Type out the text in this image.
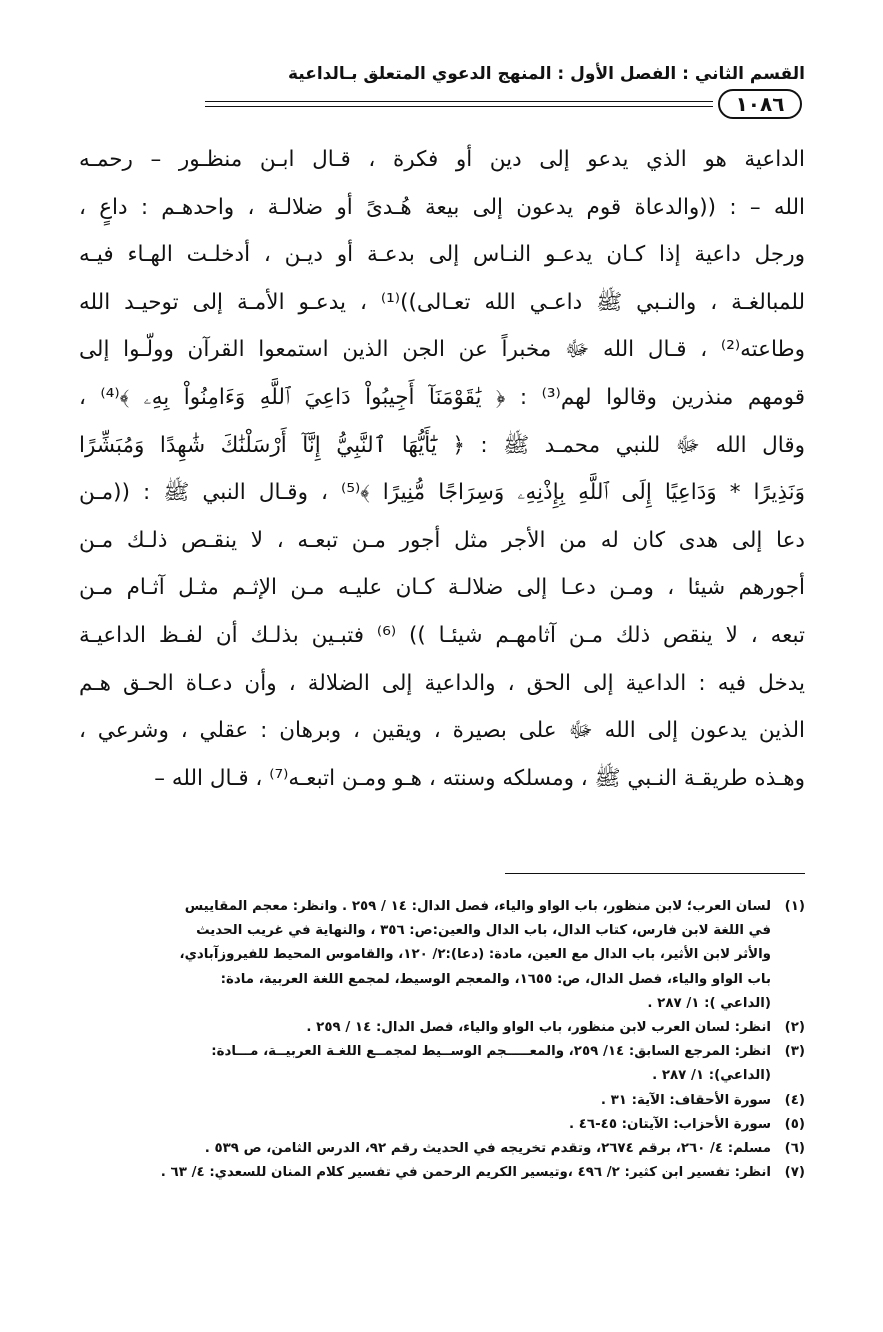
القسم الثاني : الفصل الأول : المنهج الدعوي المتعلق بـالداعية
١٠٨٦
الداعية هو الذي يدعو إلى دين أو فكرة ، قـال ابـن منظـور – رحمـه
الله – : ((والدعاة قوم يدعون إلى بيعة هُـدىً أو ضلالـة ، واحدهـم : داعٍ ،
ورجل داعية إذا كـان يدعـو النـاس إلى بدعـة أو ديـن ، أدخلـت الهـاء فيـه
للمبالغـة ، والنـبي ﷺ داعـي الله تعـالى))⁽¹⁾ ، يدعـو الأمـة إلى توحيـد الله
وطاعته⁽²⁾ ، قـال الله ﷻ مخبراً عن الجن الذين استمعوا القرآن وولّـوا إلى
قومهم منذرين وقالوا لهم⁽³⁾ : ﴿ يَٰقَوْمَنَآ أَجِيبُواْ دَاعِيَ ٱللَّهِ وَءَامِنُواْ بِهِۦ ﴾⁽⁴⁾ ،
وقال الله ﷻ للنبي محمـد ﷺ : ﴿ يَٰٓأَيُّهَا ٱلنَّبِيُّ إِنَّآ أَرْسَلْنَٰكَ شَٰهِدًا وَمُبَشِّرًا
وَنَذِيرًا * وَدَاعِيًا إِلَى ٱللَّهِ بِإِذْنِهِۦ وَسِرَاجًا مُّنِيرًا ﴾⁽⁵⁾ ، وقـال النبي ﷺ : ((مـن
دعا إلى هدى كان له من الأجر مثل أجور مـن تبعـه ، لا ينقـص ذلـك مـن
أجورهم شيئا ، ومـن دعـا إلى ضلالـة كـان عليـه مـن الإثـم مثـل آثـام مـن
تبعه ، لا ينقص ذلك مـن آثامهـم شيئـا )) ⁽⁶⁾ فتبـين بذلـك أن لفـظ الداعيـة
يدخل فيه : الداعية إلى الحق ، والداعية إلى الضلالة ، وأن دعـاة الحـق هـم
الذين يدعون إلى الله ﷻ على بصيرة ، ويقين ، وبرهان : عقلي ، وشرعي ،
وهـذه طريقـة النـبي ﷺ ، ومسلكه وسنته ، هـو ومـن اتبعـه⁽⁷⁾ ، قـال الله –
(١)لسان العرب؛ لابن منظور، باب الواو والياء، فصل الدال: ١٤ / ٢٥٩ . وانظر: معجم المقاييس
في اللغة لابن فارس، كتاب الدال، باب الدال والعين:ص: ٣٥٦ ، والنهاية في غريب الحديث
والأثر لابن الأثير، باب الدال مع العين، مادة: (دعا):٢/ ١٢٠، والقاموس المحيط للفيروزآبادي،
باب الواو والياء، فصل الدال، ص: ١٦٥٥، والمعجم الوسيط، لمجمع اللغة العربية، مادة:
(الداعي ): ١/ ٢٨٧ .
(٢)انظر: لسان العرب لابن منظور، باب الواو والياء، فصل الدال: ١٤ / ٢٥٩ .
(٣)انظر: المرجع السابق: ١٤/ ٢٥٩، والمعـــــجم الوســيط لمجمــع اللغـة العربيــة، مـــادة:
(الداعي): ١/ ٢٨٧ .
(٤)سورة الأحقاف: الآية: ٣١ .
(٥)سورة الأحزاب: الآيتان: ٤٥-٤٦ .
(٦)مسلم: ٤/ ٢٦٠، برقم ٢٦٧٤، وتقدم تخريجه في الحديث رقم ٩٢، الدرس الثامن، ص ٥٣٩ .
(٧)انظر: تفسير ابن كثير: ٢/ ٤٩٦ ،وتيسير الكريم الرحمن في تفسير كلام المنان للسعدي: ٤/ ٦٣ .
